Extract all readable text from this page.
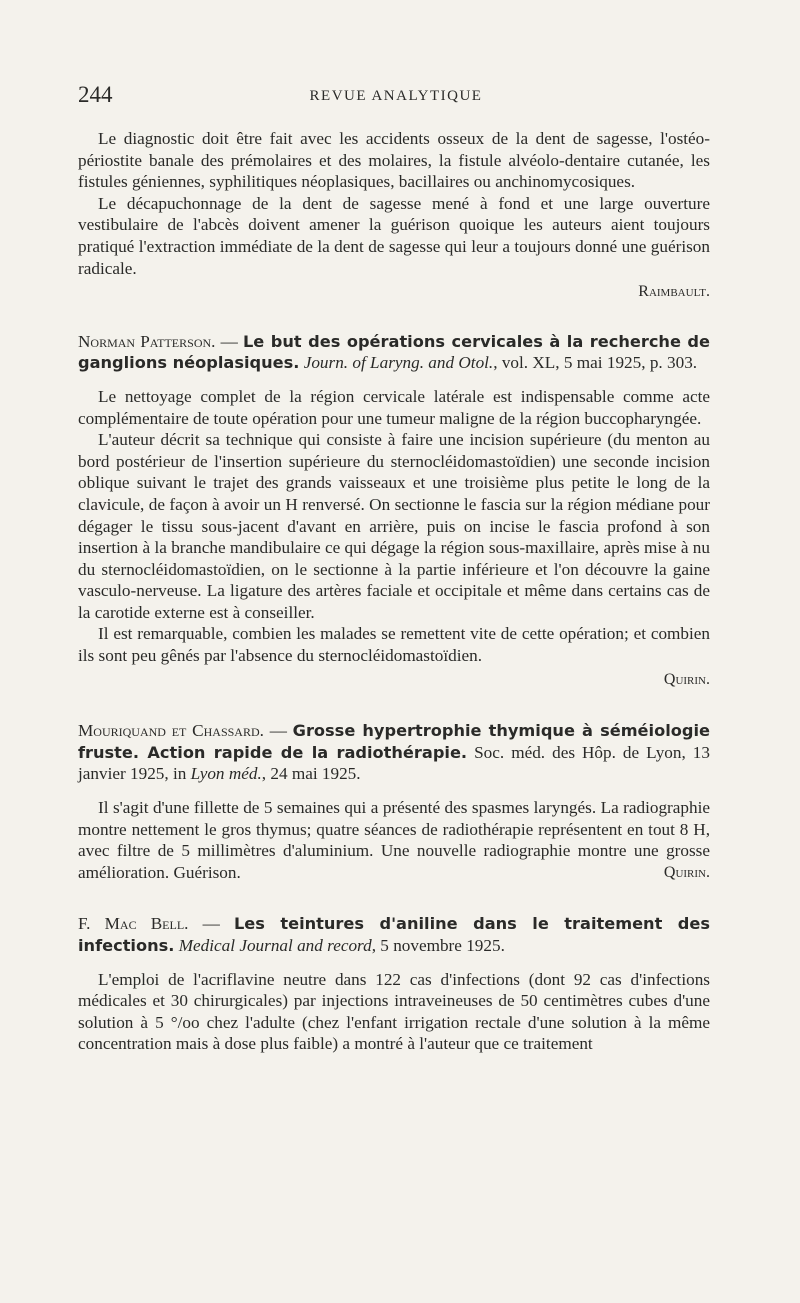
244	REVUE ANALYTIQUE

Le diagnostic doit être fait avec les accidents osseux de la dent de sagesse, l'ostéo-périostite banale des prémolaires et des molaires, la fistule alvéolo-dentaire cutanée, les fistules géniennes, syphilitiques néoplasiques, bacillaires ou anchinomycosiques.

Le décapuchonnage de la dent de sagesse mené à fond et une large ouverture vestibulaire de l'abcès doivent amener la guérison quoique les auteurs aient toujours pratiqué l'extraction immédiate de la dent de sagesse qui leur a toujours donné une guérison radicale.

Raimbault.

Norman Patterson. — Le but des opérations cervicales à la recherche de ganglions néoplasiques. Journ. of Laryng. and Otol., vol. XL, 5 mai 1925, p. 303.

Le nettoyage complet de la région cervicale latérale est indispensable comme acte complémentaire de toute opération pour une tumeur maligne de la région buccopharyngée.

L'auteur décrit sa technique qui consiste à faire une incision supérieure (du menton au bord postérieur de l'insertion supérieure du sternocléidomastoïdien) une seconde incision oblique suivant le trajet des grands vaisseaux et une troisième plus petite le long de la clavicule, de façon à avoir un H renversé. On sectionne le fascia sur la région médiane pour dégager le tissu sous-jacent d'avant en arrière, puis on incise le fascia profond à son insertion à la branche mandibulaire ce qui dégage la région sous-maxillaire, après mise à nu du sternocléidomastoïdien, on le sectionne à la partie inférieure et l'on découvre la gaine vasculo-nerveuse. La ligature des artères faciale et occipitale et même dans certains cas de la carotide externe est à conseiller.

Il est remarquable, combien les malades se remettent vite de cette opération; et combien ils sont peu gênés par l'absence du sternocléidomastoïdien.

Quirin.

Mouriquand et Chassard. — Grosse hypertrophie thymique à séméiologie fruste. Action rapide de la radiothérapie. Soc. méd. des Hôp. de Lyon, 13 janvier 1925, in Lyon méd., 24 mai 1925.

Il s'agit d'une fillette de 5 semaines qui a présenté des spasmes laryngés. La radiographie montre nettement le gros thymus; quatre séances de radiothérapie représentent en tout 8 H, avec filtre de 5 millimètres d'aluminium. Une nouvelle radiographie montre une grosse amélioration. Guérison.	Quirin.

F. Mac Bell. — Les teintures d'aniline dans le traitement des infections. Medical Journal and record, 5 novembre 1925.

L'emploi de l'acriflavine neutre dans 122 cas d'infections (dont 92 cas d'infections médicales et 30 chirurgicales) par injections intraveineuses de 50 centimètres cubes d'une solution à 5 °/oo chez l'adulte (chez l'enfant irrigation rectale d'une solution à la même concentration mais à dose plus faible) a montré à l'auteur que ce traitement
